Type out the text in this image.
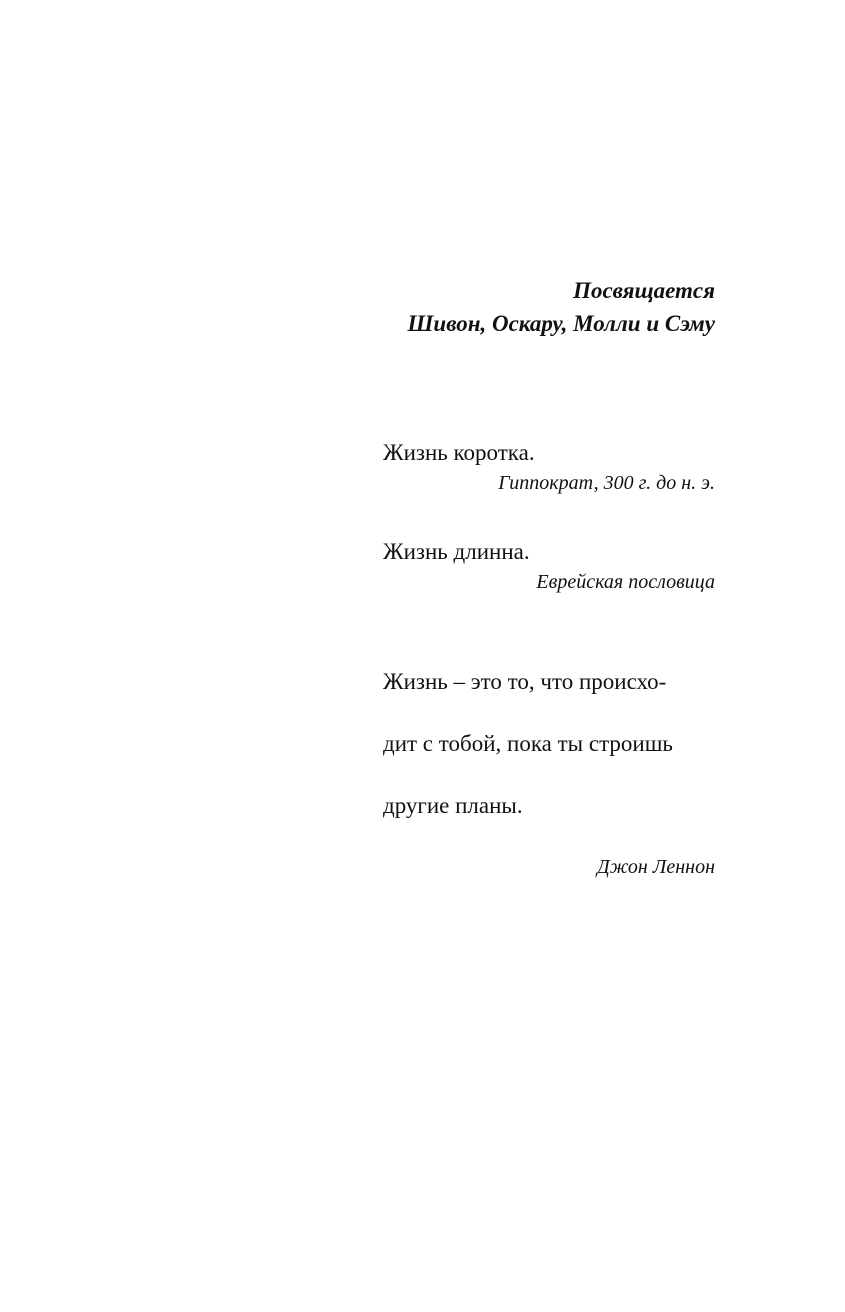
Посвящается
Шивон, Оскару, Молли и Сэму
Жизнь коротка.
Гиппократ, 300 г. до н. э.
Жизнь длинна.
Еврейская пословица

Жизнь – это то, что происхо-

дит с тобой, пока ты строишь

другие планы.

Джон Леннон
